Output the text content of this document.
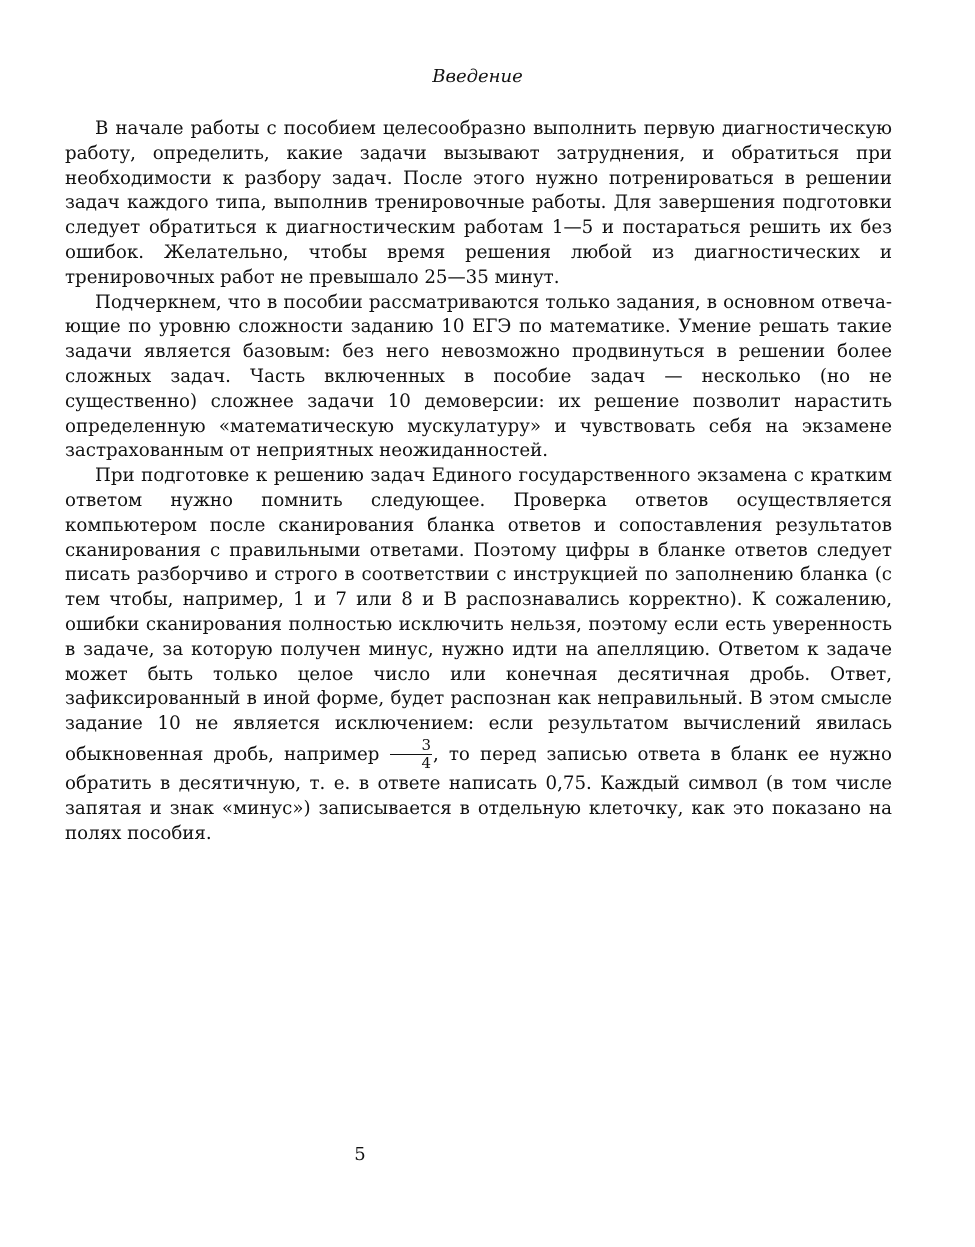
Введение

В начале работы с пособием целесообразно выполнить первую диагностическую работу, определить, какие задачи вызывают затруднения, и обратиться при необходимости к разбору задач. После этого нужно потренироваться в решении задач каждого типа, выполнив тренировочные работы. Для завершения подготовки следует обратиться к диагностическим работам 1—5 и постараться решить их без ошибок. Желательно, чтобы время решения любой из диагностических и тренировочных работ не превышало 25—35 минут.

Подчеркнем, что в пособии рассматриваются только задания, в основном отвечающие по уровню сложности заданию 10 ЕГЭ по математике. Умение решать такие задачи является базовым: без него невозможно продвинуться в решении более сложных задач. Часть включенных в пособие задач — несколько (но не существенно) сложнее задачи 10 демоверсии: их решение позволит нарастить определенную «математическую мускулатуру» и чувствовать себя на экзамене застрахованным от неприятных неожиданностей.

При подготовке к решению задач Единого государственного экзамена с кратким ответом нужно помнить следующее. Проверка ответов осуществляется компьютером после сканирования бланка ответов и сопоставления результатов сканирования с правильными ответами. Поэтому цифры в бланке ответов следует писать разборчиво и строго в соответствии с инструкцией по заполнению бланка (с тем чтобы, например, 1 и 7 или 8 и В распознавались корректно). К сожалению, ошибки сканирования полностью исключить нельзя, поэтому если есть уверенность в задаче, за которую получен минус, нужно идти на апелляцию. Ответом к задаче может быть только целое число или конечная десятичная дробь. Ответ, зафиксированный в иной форме, будет распознан как неправильный. В этом смысле задание 10 не является исключением: если результатом вычислений явилась обыкновенная дробь, например $\frac{3}{4}$ , то перед записью ответа в бланк ее нужно обратить в десятичную, т. е. в ответе написать 0,75. Каждый символ (в том числе запятая и знак «минус») записывается в отдельную клеточку, как это показано на полях пособия.

5
